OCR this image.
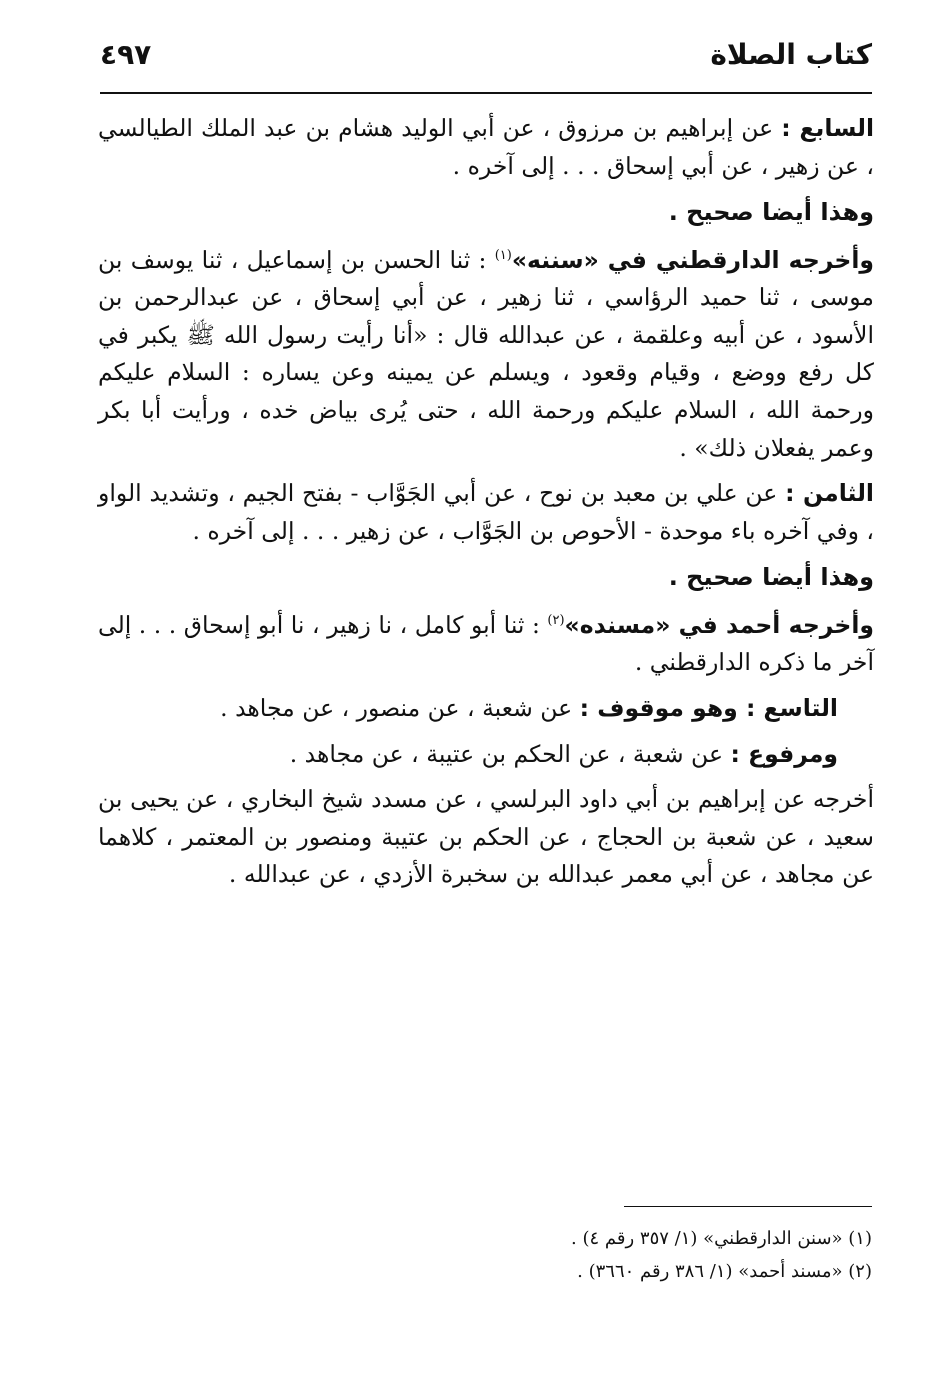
كتاب الصلاة
٤٩٧

السابع : عن إبراهيم بن مرزوق ، عن أبي الوليد هشام بن عبد الملك الطيالسي ، عن زهير ، عن أبي إسحاق . . . إلى آخره .

وهذا أيضا صحيح .

وأخرجه الدارقطني في «سننه»$^{(١)}$ : ثنا الحسن بن إسماعيل ، ثنا يوسف بن موسى ، ثنا حميد الرؤاسي ، ثنا زهير ، عن أبي إسحاق ، عن عبدالرحمن بن الأسود ، عن أبيه وعلقمة ، عن عبدالله قال : «أنا رأيت رسول الله ﷺ يكبر في كل رفع ووضع ، وقيام وقعود ، ويسلم عن يمينه وعن يساره : السلام عليكم ورحمة الله ، السلام عليكم ورحمة الله ، حتى يُرى بياض خده ، ورأيت أبا بكر وعمر يفعلان ذلك» .

الثامن : عن علي بن معبد بن نوح ، عن أبي الجَوَّاب - بفتح الجيم ، وتشديد الواو ، وفي آخره باء موحدة - الأحوص بن الجَوَّاب ، عن زهير . . . إلى آخره .

وهذا أيضا صحيح .

وأخرجه أحمد في «مسنده»$^{(٢)}$ : ثنا أبو كامل ، نا زهير ، نا أبو إسحاق . . . إلى آخر ما ذكره الدارقطني .

التاسع : وهو موقوف : عن شعبة ، عن منصور ، عن مجاهد .

ومرفوع : عن شعبة ، عن الحكم بن عتيبة ، عن مجاهد .

أخرجه عن إبراهيم بن أبي داود البرلسي ، عن مسدد شيخ البخاري ، عن يحيى بن سعيد ، عن شعبة بن الحجاج ، عن الحكم بن عتيبة ومنصور بن المعتمر ، كلاهما عن مجاهد ، عن أبي معمر عبدالله بن سخبرة الأزدي ، عن عبدالله .

(١) «سنن الدارقطني» (١/ ٣٥٧ رقم ٤) .

(٢) «مسند أحمد» (١/ ٣٨٦ رقم ٣٦٦٠) .
